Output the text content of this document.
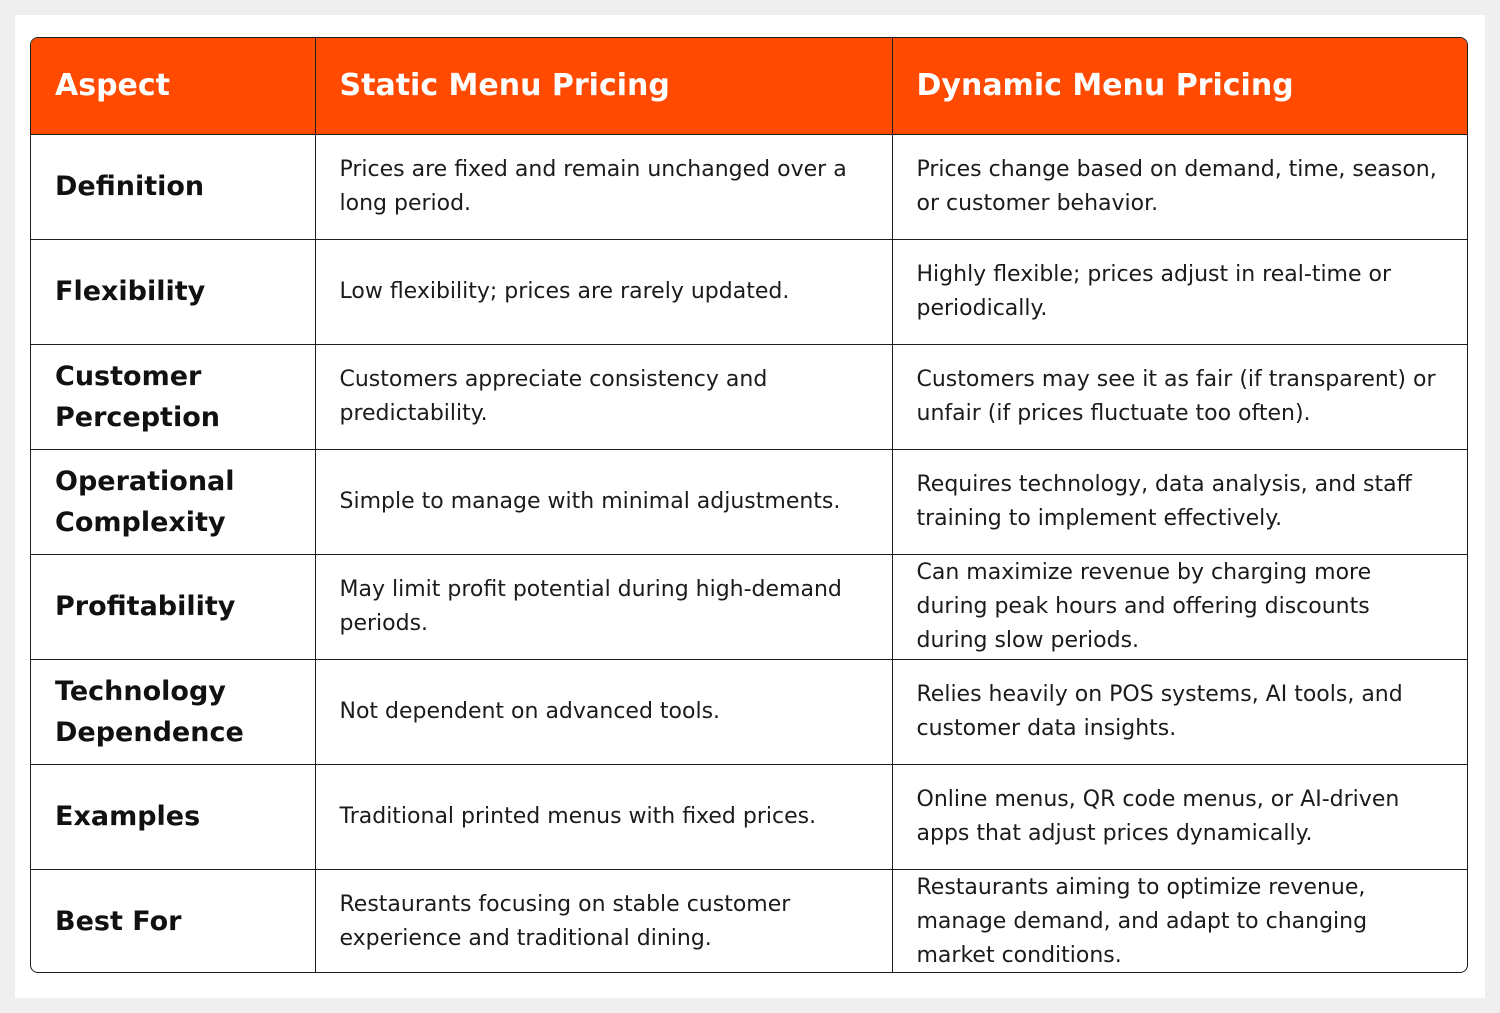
Aspect	Static Menu Pricing	Dynamic Menu Pricing
Definition	Prices are fixed and remain unchanged over a long period.	Prices change based on demand, time, season, or customer behavior.
Flexibility	Low flexibility; prices are rarely updated.	Highly flexible; prices adjust in real-time or periodically.
Customer Perception	Customers appreciate consistency and predictability.	Customers may see it as fair (if transparent) or unfair (if prices fluctuate too often).
Operational Complexity	Simple to manage with minimal adjustments.	Requires technology, data analysis, and staff training to implement effectively.
Profitability	May limit profit potential during high-demand periods.	Can maximize revenue by charging more during peak hours and offering discounts during slow periods.
Technology Dependence	Not dependent on advanced tools.	Relies heavily on POS systems, AI tools, and customer data insights.
Examples	Traditional printed menus with fixed prices.	Online menus, QR code menus, or AI-driven apps that adjust prices dynamically.
Best For	Restaurants focusing on stable customer experience and traditional dining.	Restaurants aiming to optimize revenue, manage demand, and adapt to changing market conditions.
